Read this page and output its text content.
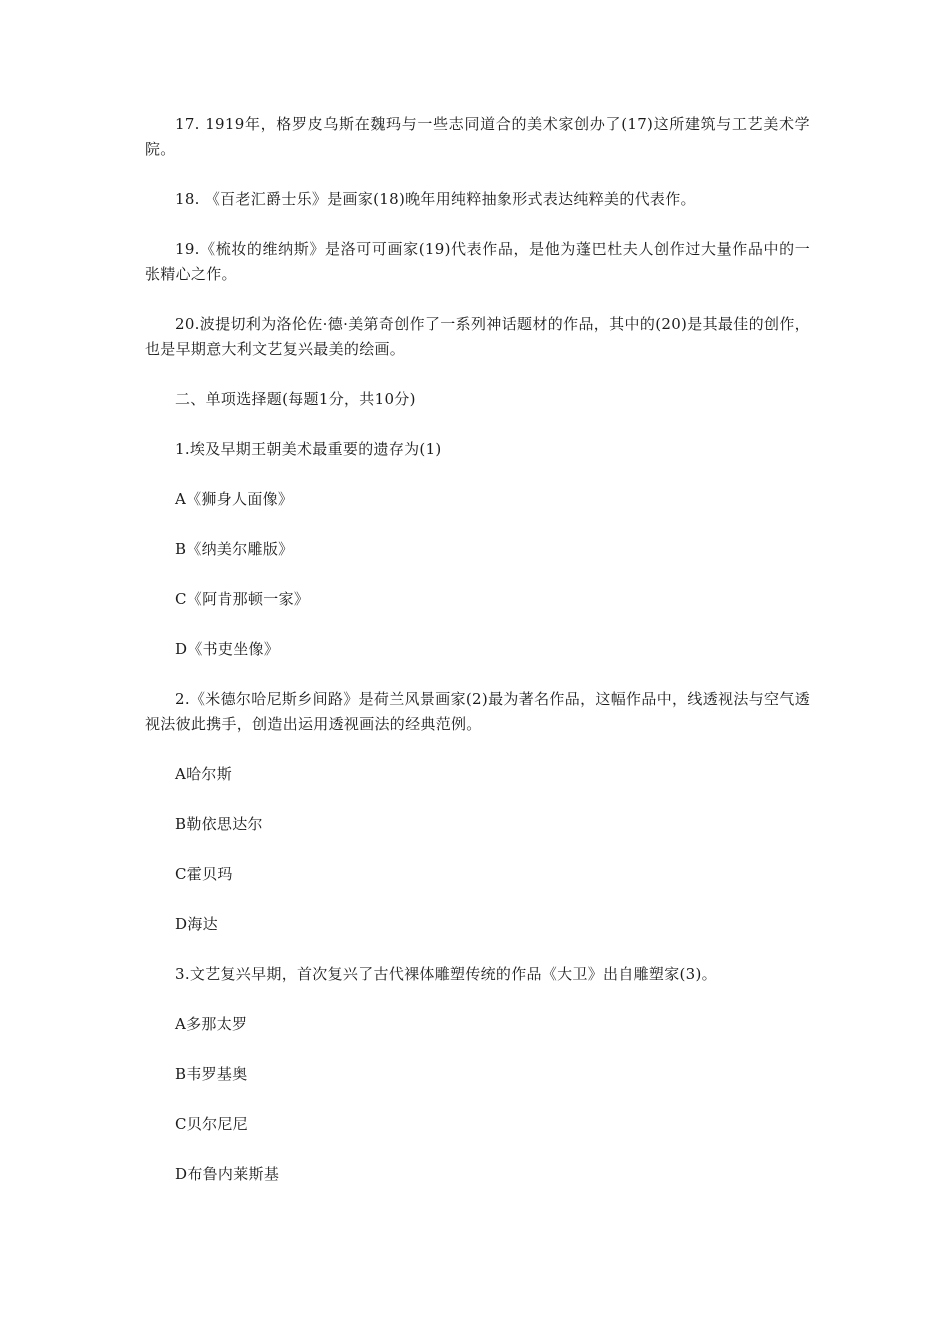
17. 1919年，格罗皮乌斯在魏玛与一些志同道合的美术家创办了(17)这所建筑与工艺美术学院。

18. 《百老汇爵士乐》是画家(18)晚年用纯粹抽象形式表达纯粹美的代表作。

19.《梳妆的维纳斯》是洛可可画家(19)代表作品，是他为蓬巴杜夫人创作过大量作品中的一张精心之作。

20.波提切利为洛伦佐·德·美第奇创作了一系列神话题材的作品，其中的(20)是其最佳的创作，也是早期意大利文艺复兴最美的绘画。

二、单项选择题(每题1分，共10分)

1.埃及早期王朝美术最重要的遗存为(1)

A《狮身人面像》

B《纳美尔雕版》

C《阿肯那顿一家》

D《书吏坐像》

2.《米德尔哈尼斯乡间路》是荷兰风景画家(2)最为著名作品，这幅作品中，线透视法与空气透视法彼此携手，创造出运用透视画法的经典范例。

A哈尔斯

B勒依思达尔

C霍贝玛

D海达

3.文艺复兴早期，首次复兴了古代裸体雕塑传统的作品《大卫》出自雕塑家(3)。

A多那太罗

B韦罗基奥

C贝尔尼尼

D布鲁内莱斯基
